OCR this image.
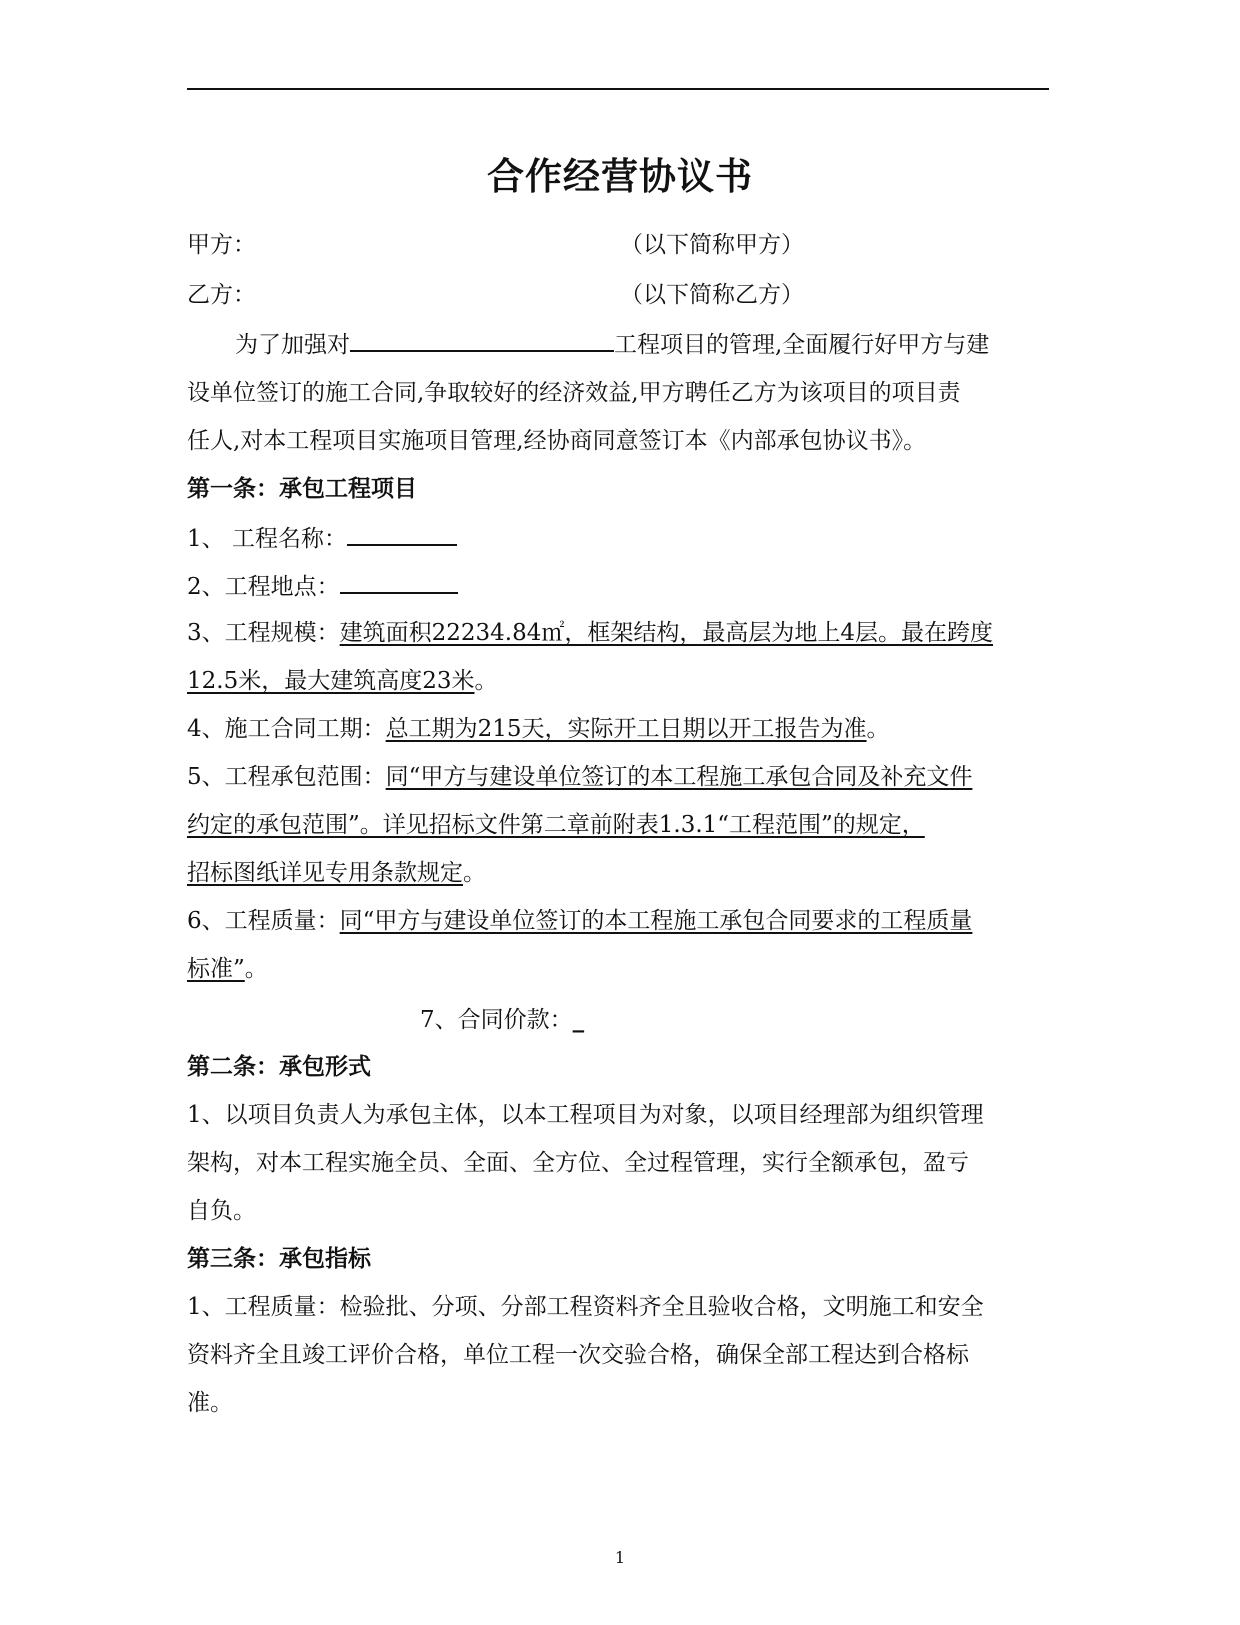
合作经营协议书
甲方：	（以下简称甲方）
乙方：	（以下简称乙方）
为了加强对	工程项目的管理,全面履行好甲方与建
设单位签订的施工合同,争取较好的经济效益,甲方聘任乙方为该项目的项目责
任人,对本工程项目实施项目管理,经协商同意签订本《内部承包协议书》。
第一条：承包工程项目
1、 工程名称：
2、工程地点：
3、工程规模：建筑面积22234.84㎡，框架结构，最高层为地上4层。最在跨度
12.5米，最大建筑高度23米。
4、施工合同工期：总工期为215天，实际开工日期以开工报告为准。
5、工程承包范围：同“甲方与建设单位签订的本工程施工承包合同及补充文件
约定的承包范围”。详见招标文件第二章前附表1.3.1“工程范围”的规定，
招标图纸详见专用条款规定。
6、工程质量：同“甲方与建设单位签订的本工程施工承包合同要求的工程质量
标准”。
7、合同价款：_
第二条：承包形式
1、以项目负责人为承包主体，以本工程项目为对象，以项目经理部为组织管理
架构，对本工程实施全员、全面、全方位、全过程管理，实行全额承包，盈亏
自负。
第三条：承包指标
1、工程质量：检验批、分项、分部工程资料齐全且验收合格，文明施工和安全
资料齐全且竣工评价合格，单位工程一次交验合格，确保全部工程达到合格标
准。
1
